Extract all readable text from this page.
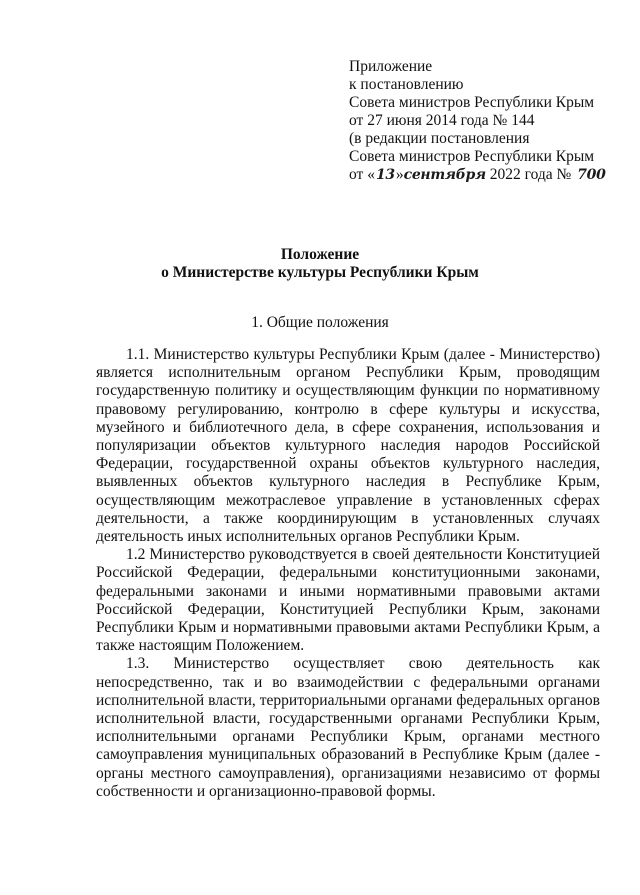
Приложение
к постановлению
Совета министров Республики Крым
от 27 июня 2014 года № 144
(в редакции постановления
Совета министров Республики Крым
от «13»сентября 2022 года № 700
Положение
о Министерстве культуры Республики Крым
1. Общие положения

1.1. Министерство культуры Республики Крым (далее - Министерство) является исполнительным органом Республики Крым, проводящим государственную политику и осуществляющим функции по нормативному правовому регулированию, контролю в сфере культуры и искусства, музейного и библиотечного дела, в сфере сохранения, использования и популяризации объектов культурного наследия народов Российской Федерации, государственной охраны объектов культурного наследия, выявленных объектов культурного наследия в Республике Крым, осуществляющим межотраслевое управление в установленных сферах деятельности, а также координирующим в установленных случаях деятельность иных исполнительных органов Республики Крым.

1.2 Министерство руководствуется в своей деятельности Конституцией Российской Федерации, федеральными конституционными законами, федеральными законами и иными нормативными правовыми актами Российской Федерации, Конституцией Республики Крым, законами Республики Крым и нормативными правовыми актами Республики Крым, а также настоящим Положением.

1.3. Министерство осуществляет свою деятельность как непосредственно, так и во взаимодействии с федеральными органами исполнительной власти, территориальными органами федеральных органов исполнительной власти, государственными органами Республики Крым, исполнительными органами Республики Крым, органами местного самоуправления муниципальных образований в Республике Крым (далее - органы местного самоуправления), организациями независимо от формы собственности и организационно-правовой формы.
